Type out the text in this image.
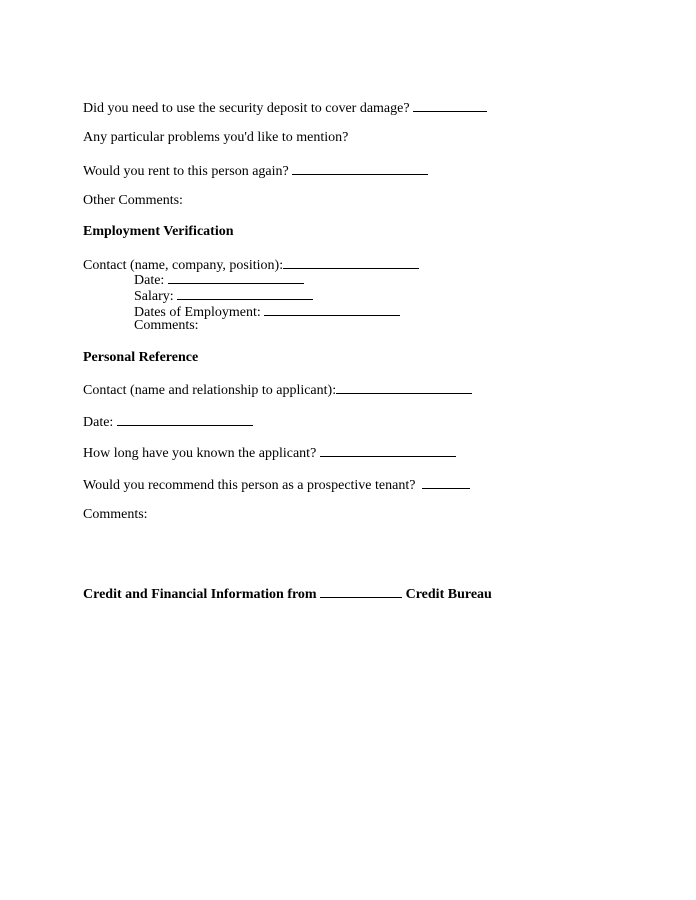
Did you need to use the security deposit to cover damage?
Any particular problems you'd like to mention?
Would you rent to this person again?
Other Comments:
Employment Verification
Contact (name, company, position):
Date:
Salary:
Dates of Employment:
Comments:
Personal Reference
Contact (name and relationship to applicant):
Date:
How long have you known the applicant?
Would you recommend this person as a prospective tenant?
Comments:
Credit and Financial Information from	Credit Bureau
